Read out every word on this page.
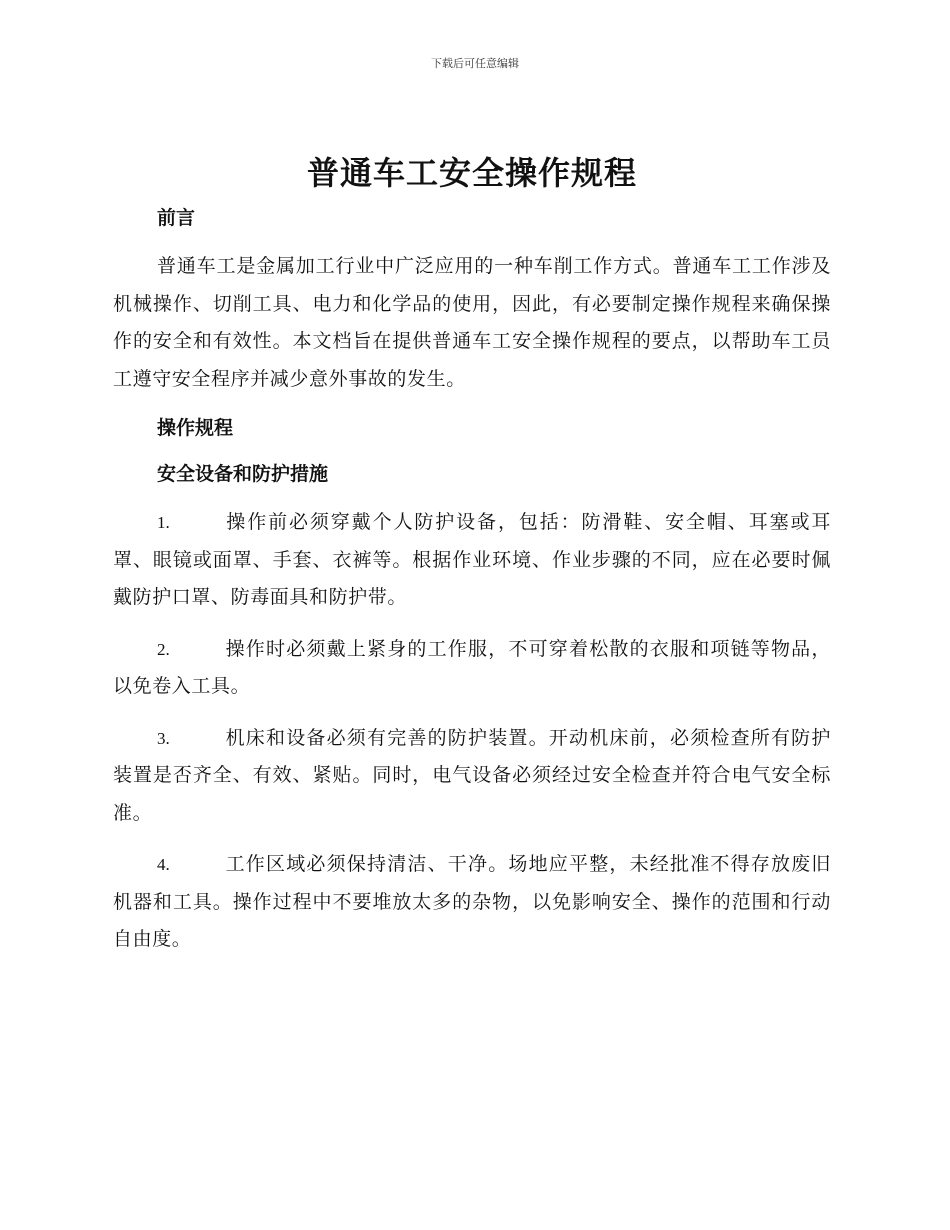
下载后可任意编辑
普通车工安全操作规程
前言

普通车工是金属加工行业中广泛应用的一种车削工作方式。普通车工工作涉及机械操作、切削工具、电力和化学品的使用，因此，有必要制定操作规程来确保操作的安全和有效性。本文档旨在提供普通车工安全操作规程的要点，以帮助车工员工遵守安全程序并减少意外事故的发生。

操作规程
安全设备和防护措施

1.	操作前必须穿戴个人防护设备，包括：防滑鞋、安全帽、耳塞或耳罩、眼镜或面罩、手套、衣裤等。根据作业环境、作业步骤的不同，应在必要时佩戴防护口罩、防毒面具和防护带。

2.	操作时必须戴上紧身的工作服，不可穿着松散的衣服和项链等物品，以免卷入工具。

3.	机床和设备必须有完善的防护装置。开动机床前，必须检查所有防护装置是否齐全、有效、紧贴。同时，电气设备必须经过安全检查并符合电气安全标准。

4.	工作区域必须保持清洁、干净。场地应平整，未经批准不得存放废旧机器和工具。操作过程中不要堆放太多的杂物，以免影响安全、操作的范围和行动自由度。
